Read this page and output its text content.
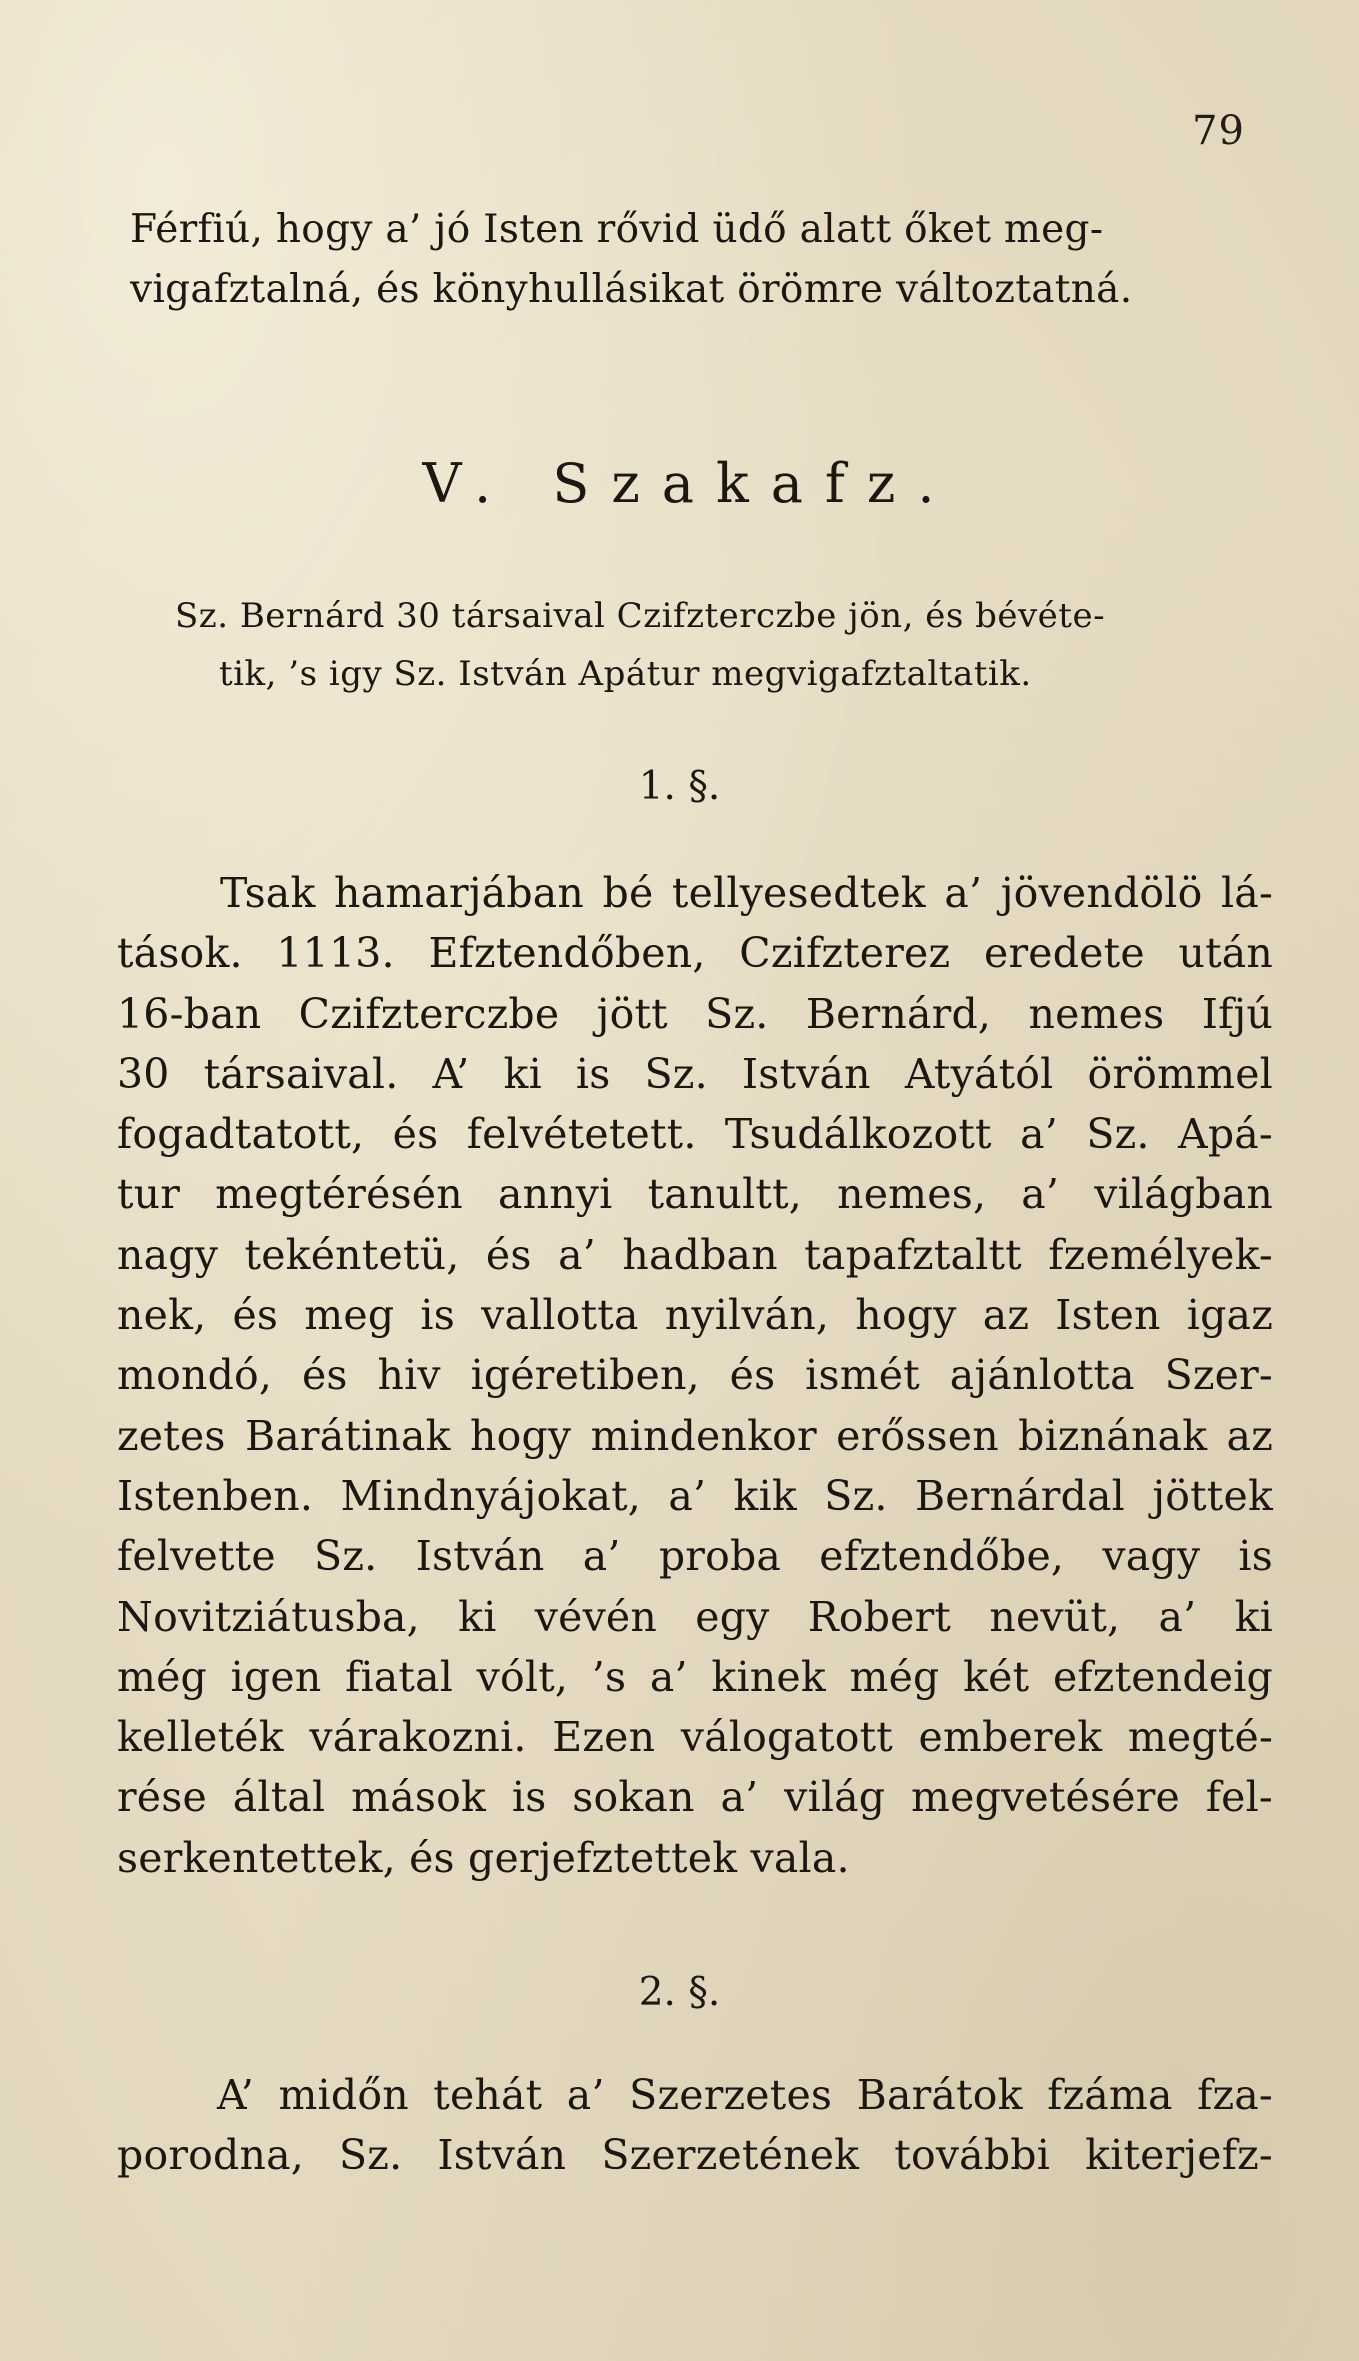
79
Férfiú, hogy a’ jó Isten rővid üdő alatt őket meg-
vigafztalná, és könyhullásikat örömre változtatná.
V. Szakafz.
Sz. Bernárd 30 társaival Czifzterczbe jön, és bévéte-
tik, ’s igy Sz. István Apátur megvigafztaltatik.
1. §.
Tsak hamarjában bé tellyesedtek a’ jövendölö lá-
tások. 1113. Efztendőben, Czifzterez eredete után
16-ban Czifzterczbe jött Sz. Bernárd, nemes Ifjú
30 társaival. A’ ki is Sz. István Atyától örömmel
fogadtatott, és felvétetett. Tsudálkozott a’ Sz. Apá-
tur megtérésén annyi tanultt, nemes, a’ világban
nagy tekéntetü, és a’ hadban tapafztaltt fzemélyek-
nek, és meg is vallotta nyilván, hogy az Isten igaz
mondó, és hiv igéretiben, és ismét ajánlotta Szer-
zetes Barátinak hogy mindenkor erőssen biznának az
Istenben. Mindnyájokat, a’ kik Sz. Bernárdal jöttek
felvette Sz. István a’ proba efztendőbe, vagy is
Novitziátusba, ki vévén egy Robert nevüt, a’ ki
még igen fiatal vólt, ’s a’ kinek még két efztendeig
kelleték várakozni. Ezen válogatott emberek megté-
rése által mások is sokan a’ világ megvetésére fel-
serkentettek, és gerjefztettek vala.
2. §.
A’ midőn tehát a’ Szerzetes Barátok fzáma fza-
porodna, Sz. István Szerzetének további kiterjefz-
